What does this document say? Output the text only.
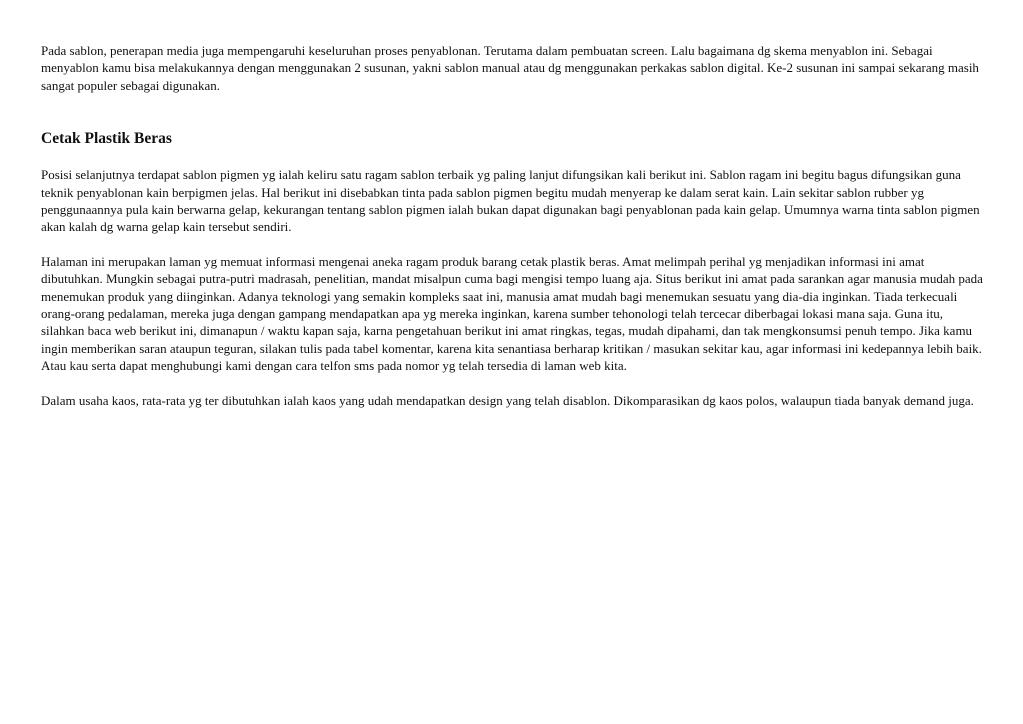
Pada sablon, penerapan media juga mempengaruhi keseluruhan proses penyablonan. Terutama dalam pembuatan screen. Lalu bagaimana dg skema menyablon ini. Sebagai menyablon kamu bisa melakukannya dengan menggunakan 2 susunan, yakni sablon manual atau dg menggunakan perkakas sablon digital. Ke-2 susunan ini sampai sekarang masih sangat populer sebagai digunakan.

Cetak Plastik Beras

Posisi selanjutnya terdapat sablon pigmen yg ialah keliru satu ragam sablon terbaik yg paling lanjut difungsikan kali berikut ini. Sablon ragam ini begitu bagus difungsikan guna teknik penyablonan kain berpigmen jelas. Hal berikut ini disebabkan tinta pada sablon pigmen begitu mudah menyerap ke dalam serat kain. Lain sekitar sablon rubber yg penggunaannya pula kain berwarna gelap, kekurangan tentang sablon pigmen ialah bukan dapat digunakan bagi penyablonan pada kain gelap. Umumnya warna tinta sablon pigmen akan kalah dg warna gelap kain tersebut sendiri.

Halaman ini merupakan laman yg memuat informasi mengenai aneka ragam produk barang cetak plastik beras. Amat melimpah perihal yg menjadikan informasi ini amat dibutuhkan. Mungkin sebagai putra-putri madrasah, penelitian, mandat misalpun cuma bagi mengisi tempo luang aja. Situs berikut ini amat pada sarankan agar manusia mudah pada menemukan produk yang diinginkan. Adanya teknologi yang semakin kompleks saat ini, manusia amat mudah bagi menemukan sesuatu yang dia-dia inginkan. Tiada terkecuali orang-orang pedalaman, mereka juga dengan gampang mendapatkan apa yg mereka inginkan, karena sumber tehonologi telah tercecar diberbagai lokasi mana saja. Guna itu, silahkan baca web berikut ini, dimanapun / waktu kapan saja, karna pengetahuan berikut ini amat ringkas, tegas, mudah dipahami, dan tak mengkonsumsi penuh tempo. Jika kamu ingin memberikan saran ataupun teguran, silakan tulis pada tabel komentar, karena kita senantiasa berharap kritikan / masukan sekitar kau, agar informasi ini kedepannya lebih baik. Atau kau serta dapat menghubungi kami dengan cara telfon sms pada nomor yg telah tersedia di laman web kita.

Dalam usaha kaos, rata-rata yg ter dibutuhkan ialah kaos yang udah mendapatkan design yang telah disablon. Dikomparasikan dg kaos polos, walaupun tiada banyak demand juga.
